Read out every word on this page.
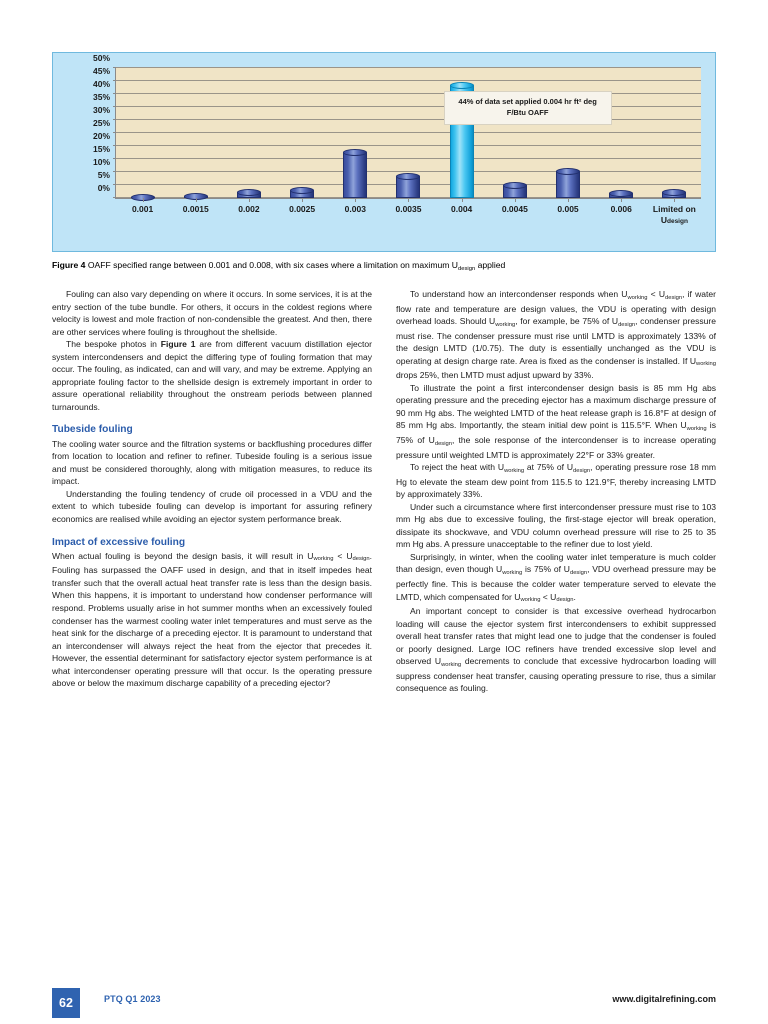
0%
5%
10%
15%
20%
25%
30%
35%
40%
45%
50%
0.001	0.0015	0.002	0.0025	0.003	0.0035	0.004	0.0045	0.005	0.006	Limited on
Udesign
44% of data set applied 0.004 hr ft² deg F/Btu OAFF
Figure 4 OAFF specified range between 0.001 and 0.008, with six cases where a limitation on maximum $U_{design}$ applied

Fouling can also vary depending on where it occurs. In some services, it is at the entry section of the tube bundle. For others, it occurs in the coldest regions where velocity is lowest and mole fraction of non-condensible the greatest. And then, there are other services where fouling is throughout the shellside.

The bespoke photos in Figure 1 are from different vacuum distillation ejector system intercondensers and depict the differing type of fouling formation that may occur. The fouling, as indicated, can and will vary, and may be extreme. Applying an appropriate fouling factor to the shellside design is extremely important in order to assure operational reliability throughout the onstream periods between planned turnarounds.

Tubeside fouling

The cooling water source and the filtration systems or backflushing procedures differ from location to location and refiner to refiner. Tubeside fouling is a serious issue and must be considered thoroughly, along with mitigation measures, to reduce its impact.

Understanding the fouling tendency of crude oil processed in a VDU and the extent to which tubeside fouling can develop is important for assuring refinery economics are realised while avoiding an ejector system performance break.

Impact of excessive fouling

When actual fouling is beyond the design basis, it will result in $U_{working} < U_{design}$. Fouling has surpassed the OAFF used in design, and that in itself impedes heat transfer such that the overall actual heat transfer rate is less than the design basis. When this happens, it is important to understand how condenser performance will respond. Problems usually arise in hot summer months when an excessively fouled condenser has the warmest cooling water inlet temperatures and must serve as the heat sink for the discharge of a preceding ejector. It is paramount to understand that an intercondenser will always reject the heat from the ejector that precedes it. However, the essential determinant for satisfactory ejector system performance is at what intercondenser operating pressure will that occur. Is the operating pressure above or below the maximum discharge capability of a preceding ejector?

To understand how an intercondenser responds when $U_{working} < U_{design}$, if water flow rate and temperature are design values, the VDU is operating with design overhead loads. Should $U_{working}$, for example, be 75% of $U_{design}$, condenser pressure must rise. The condenser pressure must rise until LMTD is approximately 133% of the design LMTD (1/0.75). The duty is essentially unchanged as the VDU is operating at design charge rate. Area is fixed as the condenser is installed. If $U_{working}$ drops 25%, then LMTD must adjust upward by 33%.

To illustrate the point a first intercondenser design basis is 85 mm Hg abs operating pressure and the preceding ejector has a maximum discharge pressure of 90 mm Hg abs. The weighted LMTD of the heat release graph is 16.8°F at design of 85 mm Hg abs. Importantly, the steam initial dew point is 115.5°F. When $U_{working}$ is 75% of $U_{design}$, the sole response of the intercondenser is to increase operating pressure until weighted LMTD is approximately 22°F or 33% greater.

To reject the heat with $U_{working}$ at 75% of $U_{design}$, operating pressure rose 18 mm Hg to elevate the steam dew point from 115.5 to 121.9°F, thereby increasing LMTD by approximately 33%.

Under such a circumstance where first intercondenser pressure must rise to 103 mm Hg abs due to excessive fouling, the first-stage ejector will break operation, dissipate its shockwave, and VDU column overhead pressure will rise to 25 to 35 mm Hg abs. A pressure unacceptable to the refiner due to lost yield.

Surprisingly, in winter, when the cooling water inlet temperature is much colder than design, even though $U_{working}$ is 75% of $U_{design}$, VDU overhead pressure may be perfectly fine. This is because the colder water temperature served to elevate the LMTD, which compensated for $U_{working} < U_{design}$.

An important concept to consider is that excessive overhead hydrocarbon loading will cause the ejector system first intercondensers to exhibit suppressed overall heat transfer rates that might lead one to judge that the condenser is fouled or poorly designed. Large IOC refiners have trended excessive slop level and observed $U_{working}$ decrements to conclude that excessive hydrocarbon loading will suppress condenser heat transfer, causing operating pressure to rise, thus a similar consequence as fouling.

62	PTQ Q1 2023	www.digitalrefining.com
